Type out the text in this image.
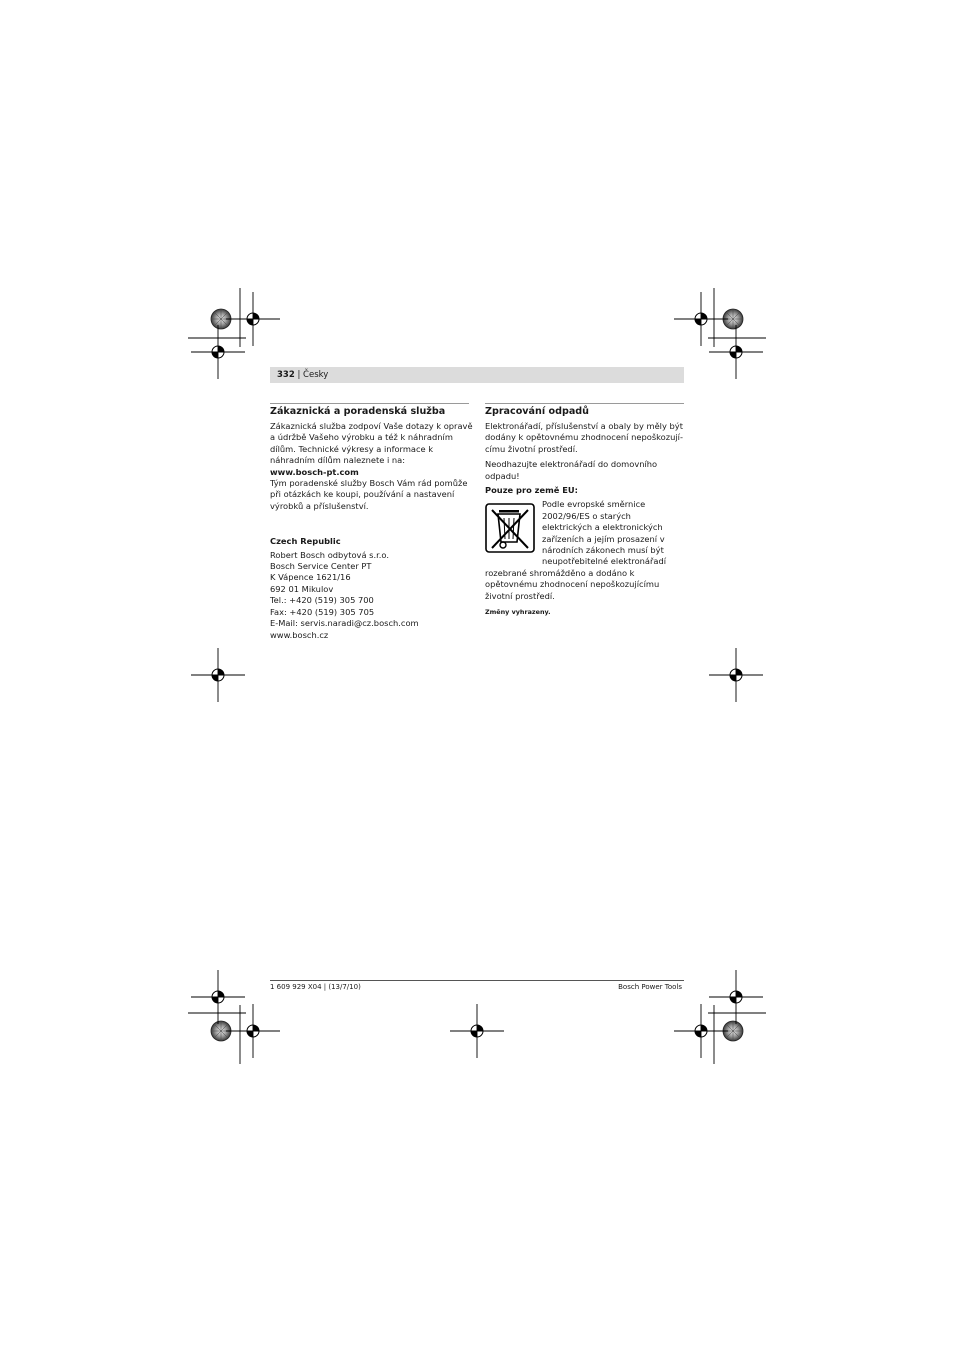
332 | Česky

Zákaznická a poradenská služba

Zákaznická služba zodpoví Vaše dotazy k opravě

a údržbě Vašeho výrobku a též k náhradním

dílům. Technické výkresy a informace k

náhradním dílům naleznete i na:

www.bosch-pt.com

Tým poradenské služby Bosch Vám rád pomůže

při otázkách ke koupi, používání a nastavení

výrobků a příslušenství.

Czech Republic

Robert Bosch odbytová s.r.o.

Bosch Service Center PT

K Vápence 1621/16

692 01 Mikulov

Tel.: +420 (519) 305 700

Fax: +420 (519) 305 705

E-Mail: servis.naradi@cz.bosch.com

www.bosch.cz

Zpracování odpadů

Elektronářadí, příslušenství a obaly by měly být

dodány k opětovnému zhodnocení nepoškozují-

címu životní prostředí.

Neodhazujte elektronářadí do domovního

odpadu!

Pouze pro země EU:

Podle evropské směrnice

2002/96/ES o starých

elektrických a elektronických

zařízeních a jejím prosazení v

národních zákonech musí být

neupotřebitelné elektronářadí

rozebrané shromážděno a dodáno k

opětovnému zhodnocení nepoškozujícímu

životní prostředí.

Změny vyhrazeny.

1 609 929 X04 | (13/7/10)	Bosch Power Tools
